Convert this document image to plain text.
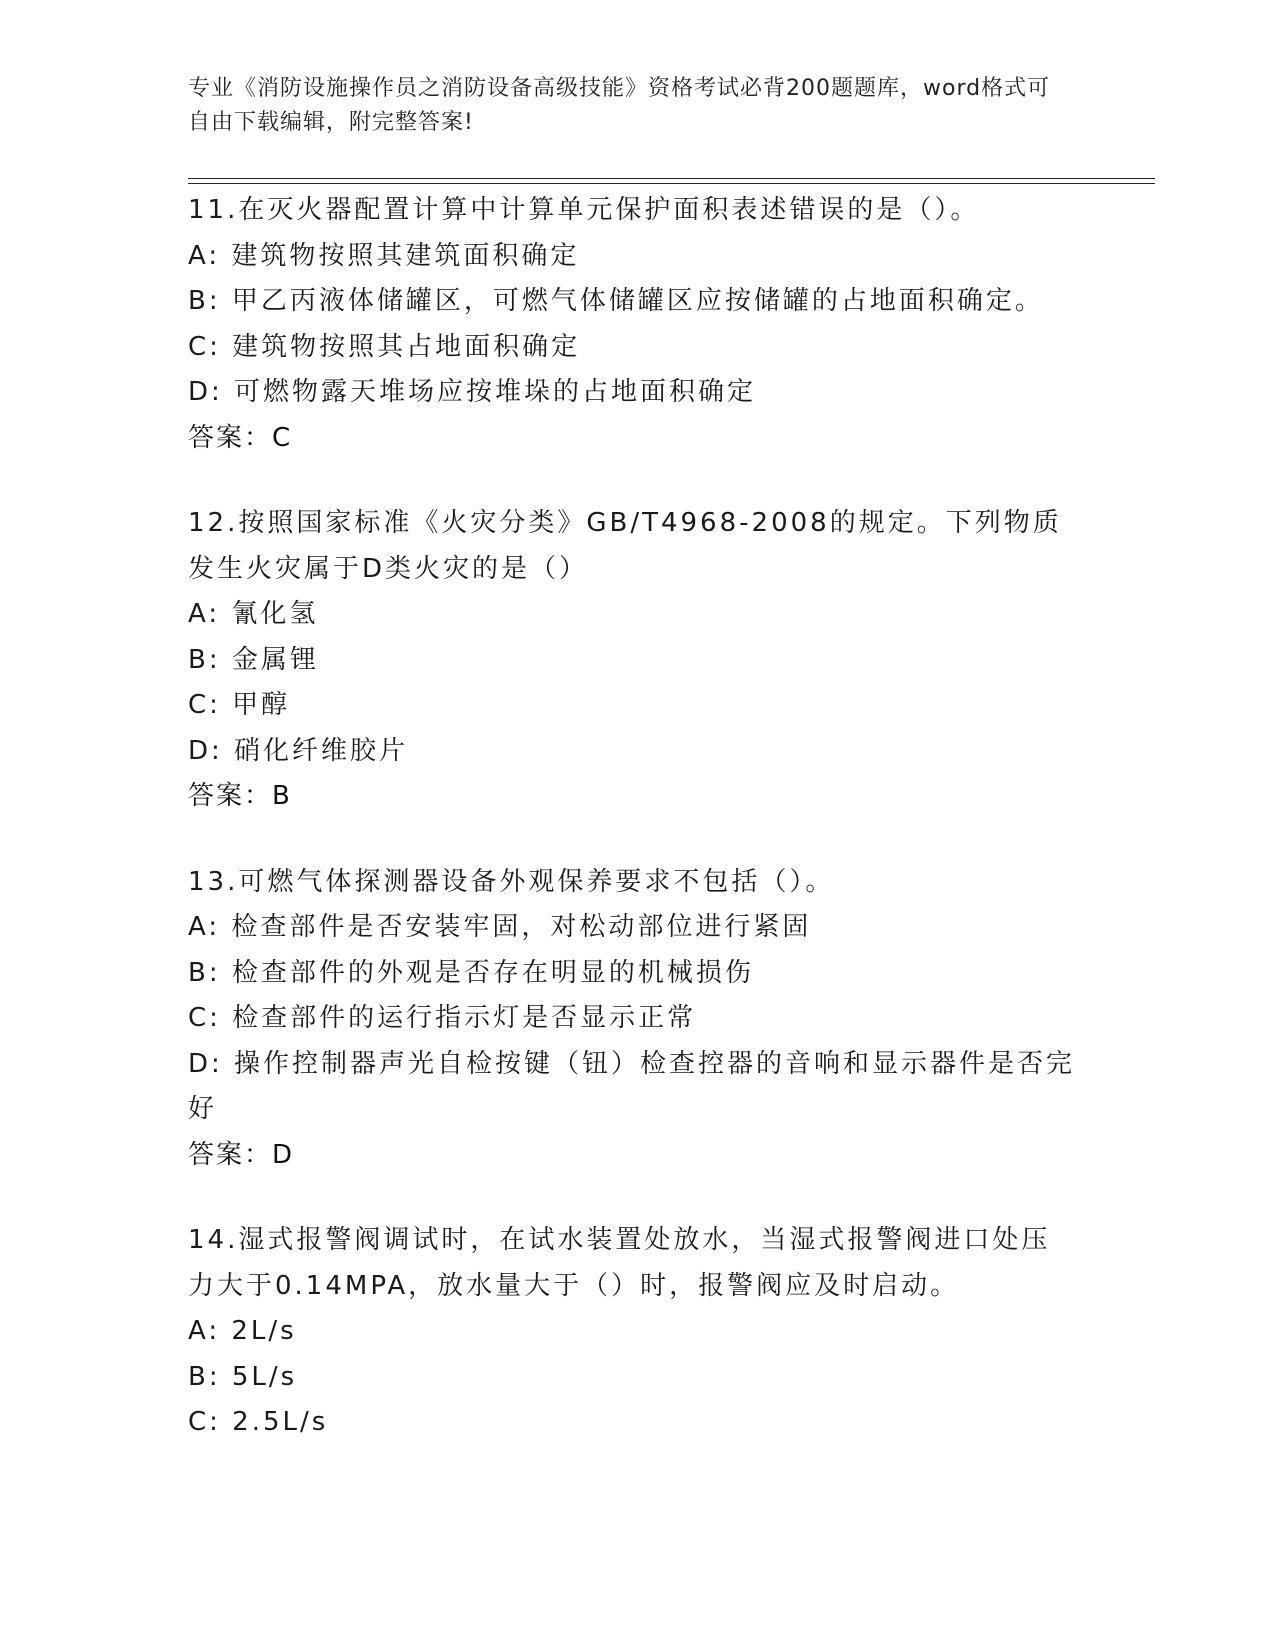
专业《消防设施操作员之消防设备高级技能》资格考试必背200题题库，word格式可自由下载编辑，附完整答案!
11.在灭火器配置计算中计算单元保护面积表述错误的是（）。
A: 建筑物按照其建筑面积确定
B: 甲乙丙液体储罐区，可燃气体储罐区应按储罐的占地面积确定。
C: 建筑物按照其占地面积确定
D: 可燃物露天堆场应按堆垛的占地面积确定
答案：C
12.按照国家标准《火灾分类》GB/T4968-2008的规定。下列物质发生火灾属于D类火灾的是（）
A: 氰化氢
B: 金属锂
C: 甲醇
D: 硝化纤维胶片
答案：B
13.可燃气体探测器设备外观保养要求不包括（）。
A: 检查部件是否安装牢固，对松动部位进行紧固
B: 检查部件的外观是否存在明显的机械损伤
C: 检查部件的运行指示灯是否显示正常
D: 操作控制器声光自检按键（钮）检查控器的音响和显示器件是否完好
答案：D
14.湿式报警阀调试时，在试水装置处放水，当湿式报警阀进口处压力大于0.14MPA，放水量大于（）时，报警阀应及时启动。
A: 2L/s
B: 5L/s
C: 2.5L/s
